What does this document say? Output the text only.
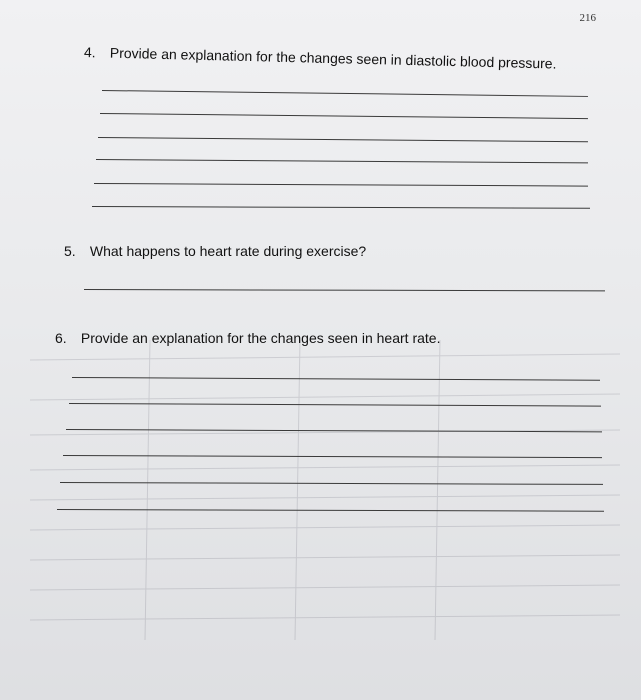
216
4. Provide an explanation for the changes seen in diastolic blood pressure.
5. What happens to heart rate during exercise?
6. Provide an explanation for the changes seen in heart rate.
